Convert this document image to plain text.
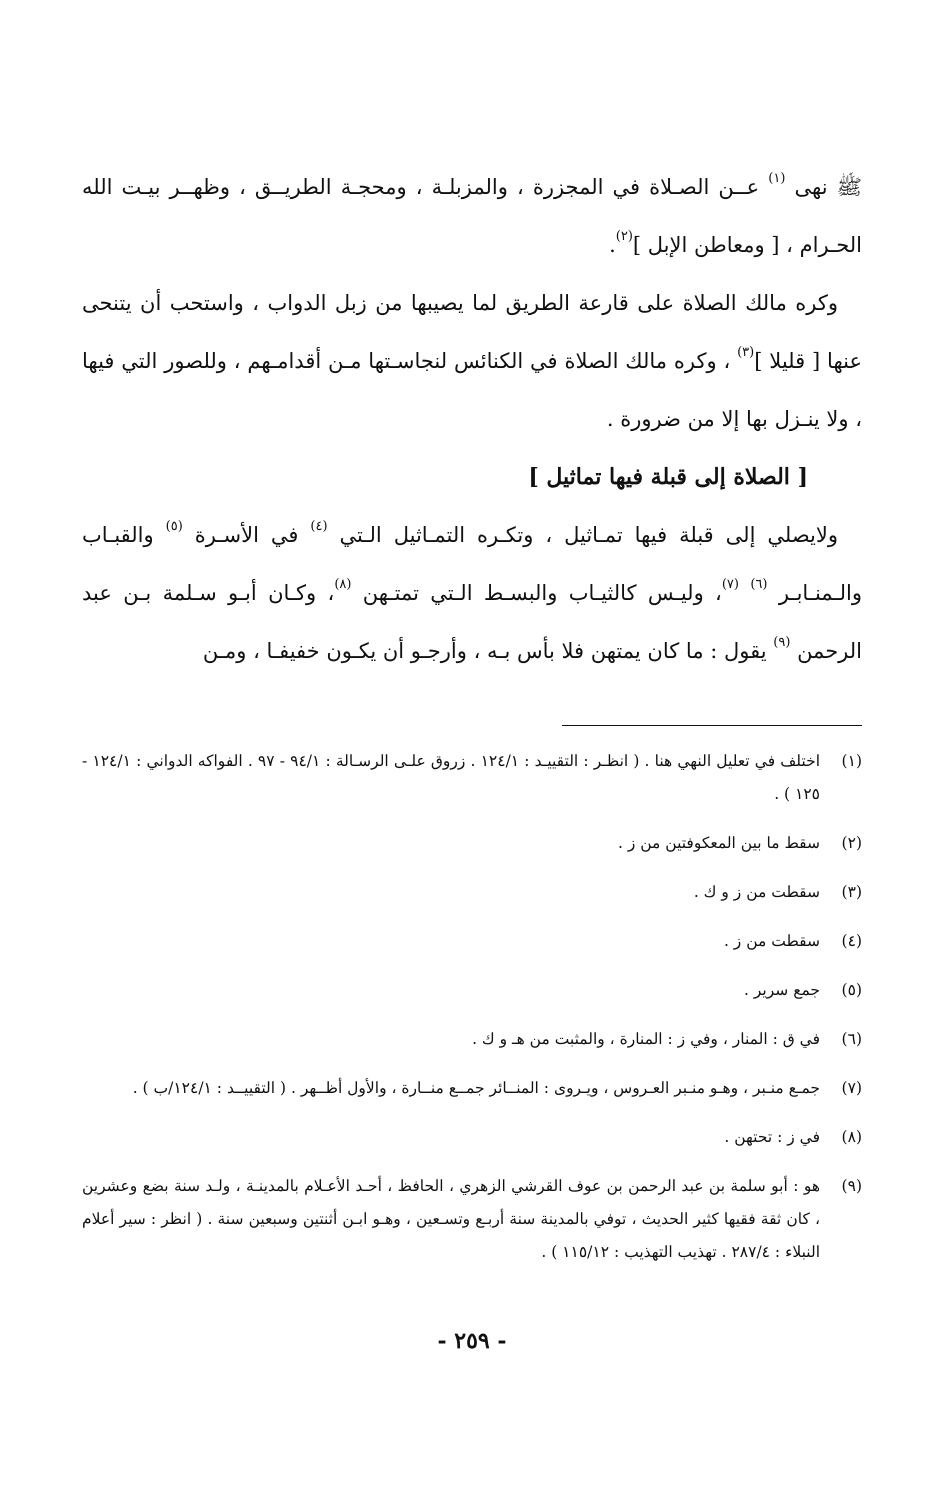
ﷺ نهى $^{(١)}$ عــن الصـلاة في المجزرة ، والمزبلـة ، ومحجـة الطريــق ، وظهــر بيـت الله الحـرام ، [ ومعاطن الإبل ]$^{(٢)}$.

وكره مالك الصلاة على قارعة الطريق لما يصيبها من زبل الدواب ، واستحب أن يتنحى عنها [ قليلا ]$^{(٣)}$ ، وكره مالك الصلاة في الكنائس لنجاسـتها مـن أقدامـهم ، وللصور التي فيها ، ولا ينـزل بها إلا من ضرورة .

[ الصلاة إلى قبلة فيها تماثيل ]

ولايصلي إلى قبلة فيها تمـاثيل ، وتكـره التمـاثيل الـتي $^{(٤)}$ في الأسـرة $^{(٥)}$ والقبـاب والـمنـابـر $^{(٦)}$ $^{(٧)}$، وليـس كالثيـاب والبسـط الـتي تمتـهن $^{(٨)}$، وكـان أبـو سـلمة بـن عبد الرحمن $^{(٩)}$ يقول : ما كان يمتهن فلا بأس بـه ، وأرجـو أن يكـون خفيفـا ، ومـن

(١)
اختلف في تعليل النهي هنا . ( انظـر : التقييـد : ١٢٤/١ . زروق علـى الرسـالة : ٩٤/١ - ٩٧ . الفواكه الدواني : ١٢٤/١ - ١٢٥ ) .
(٢)
سقط ما بين المعكوفتين من ز .
(٣)
سقطت من ز و ك .
(٤)
سقطت من ز .
(٥)
جمع سرير .
(٦)
في ق : المنار ، وفي ز : المنارة ، والمثبت من هـ و ك .
(٧)
جمـع منـبر ، وهـو منـبر العـروس ، ويـروى : المنــائر جمــع منــارة ، والأول أظــهر . ( التقييــد : ١٢٤/١/ب ) .
(٨)
في ز : تحتهن .
(٩)
هو : أبو سلمة بن عبد الرحمن بن عوف القرشي الزهري ، الحافظ ، أحـد الأعـلام بالمدينـة ، ولـد سنة بضع وعشرين ، كان ثقة فقيها كثير الحديث ، توفي بالمدينة سنة أربـع وتسـعين ، وهـو ابـن أثنتين وسبعين سنة . ( انظر : سير أعلام النبلاء : ٢٨٧/٤ . تهذيب التهذيب : ١١٥/١٢ ) .
- ٢٥٩ -
